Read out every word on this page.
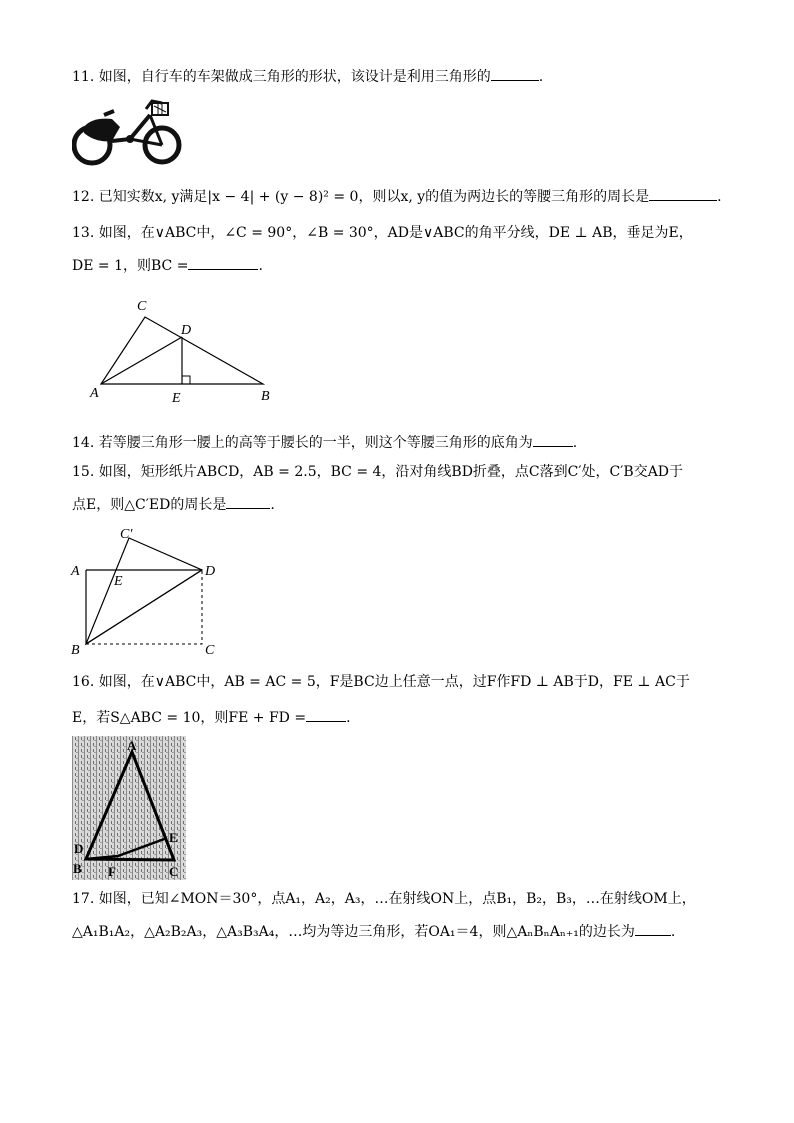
11. 如图，自行车的车架做成三角形的形状，该设计是利用三角形的	.
12. 已知实数x, y满足|x − 4| + (y − 8)² = 0，则以x, y的值为两边长的等腰三角形的周长是	.
13. 如图，在∨ABC中，∠C = 90°，∠B = 30°，AD是∨ABC的角平分线，DE ⊥ AB，垂足为E，
DE = 1，则BC =	.
C
D
A	E	B
14. 若等腰三角形一腰上的高等于腰长的一半，则这个等腰三角形的底角为	.
15. 如图，矩形纸片ABCD，AB = 2.5，BC = 4，沿对角线BD折叠，点C落到C′处，C′B交AD于
点E，则△C′ED的周长是	.
C′
A
E
D
B	C
16. 如图，在∨ABC中，AB = AC = 5，F是BC边上任意一点，过F作FD ⊥ AB于D，FE ⊥ AC于
E，若S△ABC = 10，则FE + FD =	.
A
D
E
B F	C
17. 如图，已知∠MON＝30°，点A₁，A₂，A₃，…在射线ON上，点B₁，B₂，B₃，…在射线OM上，
△A₁B₁A₂，△A₂B₂A₃，△A₃B₃A₄，…均为等边三角形，若OA₁＝4，则△AₙBₙAₙ₊₁的边长为	.
